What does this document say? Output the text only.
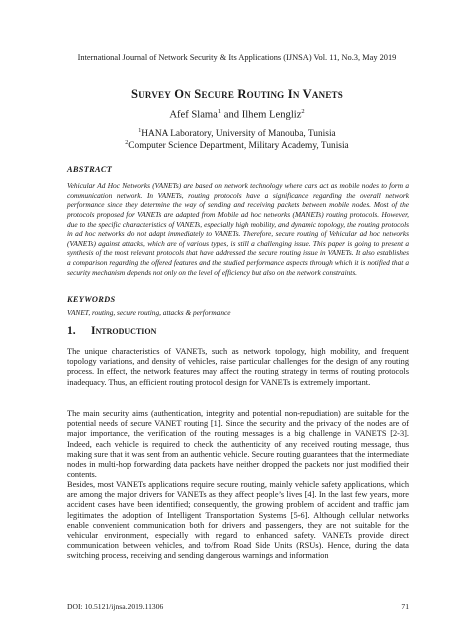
International Journal of Network Security & Its Applications (IJNSA) Vol. 11, No.3, May 2019
Survey On Secure Routing In Vanets
Afef Slama$^1$ and Ilhem Lengliz$^2$
$^1$HANA Laboratory, University of Manouba, Tunisia
$^2$Computer Science Department, Military Academy, Tunisia
ABSTRACT

Vehicular Ad Hoc Networks (VANETs) are based on network technology where cars act as mobile nodes to form a communication network. In VANETs, routing protocols have a significance regarding the overall network performance since they determine the way of sending and receiving packets between mobile nodes. Most of the protocols proposed for VANETs are adapted from Mobile ad hoc networks (MANETs) routing protocols. However, due to the specific characteristics of VANETs, especially high mobility, and dynamic topology, the routing protocols in ad hoc networks do not adapt immediately to VANETs. Therefore, secure routing of Vehicular ad hoc networks (VANETs) against attacks, which are of various types, is still a challenging issue. This paper is going to present a synthesis of the most relevant protocols that have addressed the secure routing issue in VANETs. It also establishes a comparison regarding the offered features and the studied performance aspects through which it is notified that a security mechanism depends not only on the level of efficiency but also on the network constraints.

KEYWORDS

VANET, routing, secure routing, attacks & performance

1. Introduction

The unique characteristics of VANETs, such as network topology, high mobility, and frequent topology variations, and density of vehicles, raise particular challenges for the design of any routing process. In effect, the network features may affect the routing strategy in terms of routing protocols inadequacy. Thus, an efficient routing protocol design for VANETs is extremely important.

The main security aims (authentication, integrity and potential non-repudiation) are suitable for the potential needs of secure VANET routing [1]. Since the security and the privacy of the nodes are of major importance, the verification of the routing messages is a big challenge in VANETS [2-3]. Indeed, each vehicle is required to check the authenticity of any received routing message, thus making sure that it was sent from an authentic vehicle. Secure routing guarantees that the intermediate nodes in multi-hop forwarding data packets have neither dropped the packets nor just modified their contents.

Besides, most VANETs applications require secure routing, mainly vehicle safety applications, which are among the major drivers for VANETs as they affect people’s lives [4]. In the last few years, more accident cases have been identified; consequently, the growing problem of accident and traffic jam legitimates the adoption of Intelligent Transportation Systems [5-6]. Although cellular networks enable convenient communication both for drivers and passengers, they are not suitable for the vehicular environment, especially with regard to enhanced safety. VANETs provide direct communication between vehicles, and to/from Road Side Units (RSUs). Hence, during the data switching process, receiving and sending dangerous warnings and information

DOI: 10.5121/ijnsa.2019.11306	71
